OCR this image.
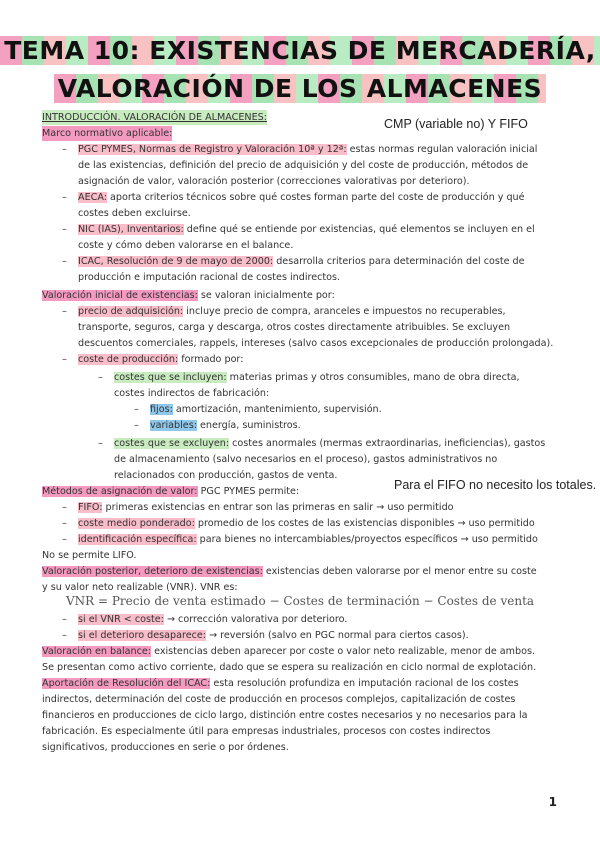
TEMA 10: EXISTENCIAS DE MERCADERÍA,
VALORACIÓN DE LOS ALMACENES
CMP (variable no) Y FIFO
Para el FIFO no necesito los totales.
INTRODUCCIÓN. VALORACIÓN DE ALMACENES:
Marco normativo aplicable:
– PGC PYMES, Normas de Registro y Valoración 10ª y 12ª: estas normas regulan valoración inicial
de las existencias, definición del precio de adquisición y del coste de producción, métodos de
asignación de valor, valoración posterior (correcciones valorativas por deterioro).
– AECA: aporta criterios técnicos sobre qué costes forman parte del coste de producción y qué
costes deben excluirse.
– NIC (IAS), Inventarios: define qué se entiende por existencias, qué elementos se incluyen en el
coste y cómo deben valorarse en el balance.
– ICAC, Resolución de 9 de mayo de 2000: desarrolla criterios para determinación del coste de
producción e imputación racional de costes indirectos.
Valoración inicial de existencias: se valoran inicialmente por:
– precio de adquisición: incluye precio de compra, aranceles e impuestos no recuperables,
transporte, seguros, carga y descarga, otros costes directamente atribuibles. Se excluyen
descuentos comerciales, rappels, intereses (salvo casos excepcionales de producción prolongada).
– coste de producción: formado por:
– costes que se incluyen: materias primas y otros consumibles, mano de obra directa,
costes indirectos de fabricación:
– fijos: amortización, mantenimiento, supervisión.
– variables: energía, suministros.
– costes que se excluyen: costes anormales (mermas extraordinarias, ineficiencias), gastos
de almacenamiento (salvo necesarios en el proceso), gastos administrativos no
relacionados con producción, gastos de venta.
Métodos de asignación de valor: PGC PYMES permite:
– FIFO: primeras existencias en entrar son las primeras en salir → uso permitido
– coste medio ponderado: promedio de los costes de las existencias disponibles → uso permitido
– identificación específica: para bienes no intercambiables/proyectos específicos → uso permitido
No se permite LIFO.
Valoración posterior, deterioro de existencias: existencias deben valorarse por el menor entre su coste
y su valor neto realizable (VNR). VNR es:
VNR = Precio de venta estimado − Costes de terminación − Costes de venta
– si el VNR < coste: → corrección valorativa por deterioro.
– si el deterioro desaparece: → reversión (salvo en PGC normal para ciertos casos).
Valoración en balance: existencias deben aparecer por coste o valor neto realizable, menor de ambos.
Se presentan como activo corriente, dado que se espera su realización en ciclo normal de explotación.
Aportación de Resolución del ICAC: esta resolución profundiza en imputación racional de los costes
indirectos, determinación del coste de producción en procesos complejos, capitalización de costes
financieros en producciones de ciclo largo, distinción entre costes necesarios y no necesarios para la
fabricación. Es especialmente útil para empresas industriales, procesos con costes indirectos
significativos, producciones en serie o por órdenes.
1
